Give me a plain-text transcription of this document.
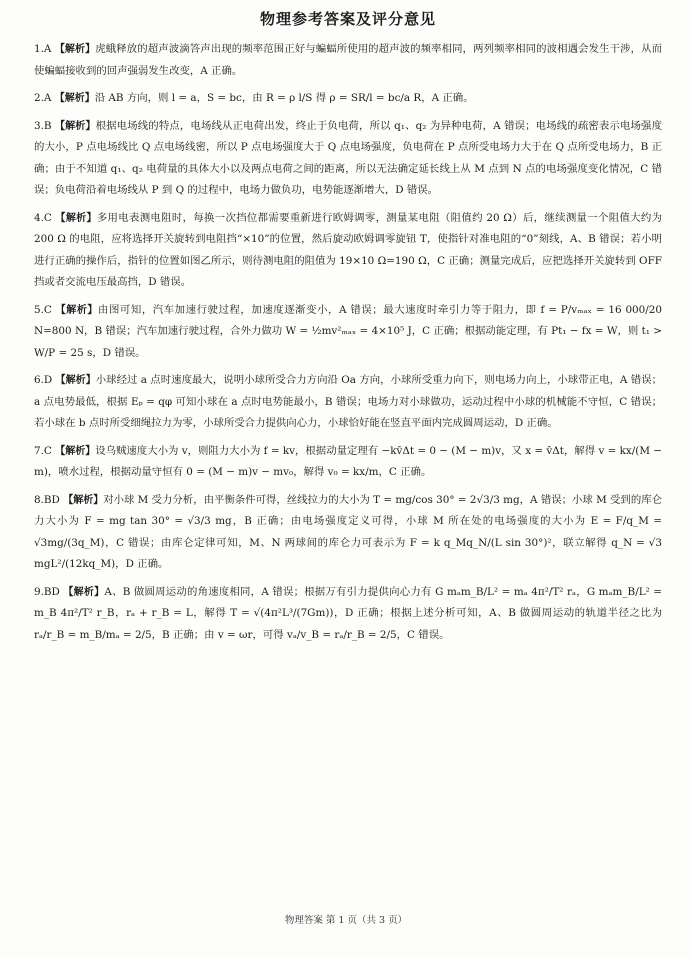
物理参考答案及评分意见

1.A 【解析】虎蛾释放的超声波滴答声出现的频率范围正好与蝙蝠所使用的超声波的频率相同，两列频率相同的波相遇会发生干涉，从而使蝙蝠接收到的回声强弱发生改变，A 正确。

2.A 【解析】沿 AB 方向，则 l = a，S = bc，由 R = ρ l/S 得 ρ = SR/l = bc/a R，A 正确。

3.B 【解析】根据电场线的特点，电场线从正电荷出发，终止于负电荷，所以 q₁、q₂ 为异种电荷，A 错误；电场线的疏密表示电场强度的大小，P 点电场线比 Q 点电场线密，所以 P 点电场强度大于 Q 点电场强度，负电荷在 P 点所受电场力大于在 Q 点所受电场力，B 正确；由于不知道 q₁、q₂ 电荷量的具体大小以及两点电荷之间的距离，所以无法确定延长线上从 M 点到 N 点的电场强度变化情况，C 错误；负电荷沿着电场线从 P 到 Q 的过程中，电场力做负功，电势能逐渐增大，D 错误。

4.C 【解析】多用电表测电阻时，每换一次挡位都需要重新进行欧姆调零，测量某电阻（阻值约 20 Ω）后，继续测量一个阻值大约为 200 Ω 的电阻，应将选择开关旋转到电阻挡“×10”的位置，然后旋动欧姆调零旋钮 T，使指针对准电阻的“0”刻线，A、B 错误；若小明进行正确的操作后，指针的位置如图乙所示，则待测电阻的阻值为 19×10 Ω=190 Ω，C 正确；测量完成后，应把选择开关旋转到 OFF 挡或者交流电压最高挡，D 错误。

5.C 【解析】由图可知，汽车加速行驶过程，加速度逐渐变小，A 错误；最大速度时牵引力等于阻力，即 f = P/vₘₐₓ = 16 000/20 N=800 N，B 错误；汽车加速行驶过程，合外力做功 W = ½mv²ₘₐₓ = 4×10⁵ J，C 正确；根据动能定理，有 Pt₁ − fx = W，则 t₁ > W/P = 25 s，D 错误。

6.D 【解析】小球经过 a 点时速度最大，说明小球所受合力方向沿 Oa 方向，小球所受重力向下，则电场力向上，小球带正电，A 错误；a 点电势最低，根据 Eₚ = qφ 可知小球在 a 点时电势能最小，B 错误；电场力对小球做功，运动过程中小球的机械能不守恒，C 错误；若小球在 b 点时所受细绳拉力为零，小球所受合力提供向心力，小球恰好能在竖直平面内完成圆周运动，D 正确。

7.C 【解析】设乌贼速度大小为 v，则阻力大小为 f = kv，根据动量定理有 −kv̄Δt = 0 − (M − m)v，又 x = v̄Δt，解得 v = kx/(M − m)，喷水过程，根据动量守恒有 0 = (M − m)v − mv₀，解得 v₀ = kx/m，C 正确。

8.BD 【解析】对小球 M 受力分析，由平衡条件可得，丝线拉力的大小为 T = mg/cos 30° = 2√3/3 mg，A 错误；小球 M 受到的库仑力大小为 F = mg tan 30° = √3/3 mg，B 正确；由电场强度定义可得，小球 M 所在处的电场强度的大小为 E = F/q_M = √3mg/(3q_M)，C 错误；由库仑定律可知，M、N 两球间的库仑力可表示为 F = k q_Mq_N/(L sin 30°)²，联立解得 q_N = √3 mgL²/(12kq_M)，D 正确。

9.BD 【解析】A、B 做圆周运动的角速度相同，A 错误；根据万有引力提供向心力有 G mₐm_B/L² = mₐ 4π²/T² rₐ，G mₐm_B/L² = m_B 4π²/T² r_B，rₐ + r_B = L，解得 T = √(4π²L³/(7Gm))，D 正确；根据上述分析可知，A、B 做圆周运动的轨道半径之比为 rₐ/r_B = m_B/mₐ = 2/5，B 正确；由 v = ωr，可得 vₐ/v_B = rₐ/r_B = 2/5，C 错误。

物理答案 第 1 页（共 3 页）
